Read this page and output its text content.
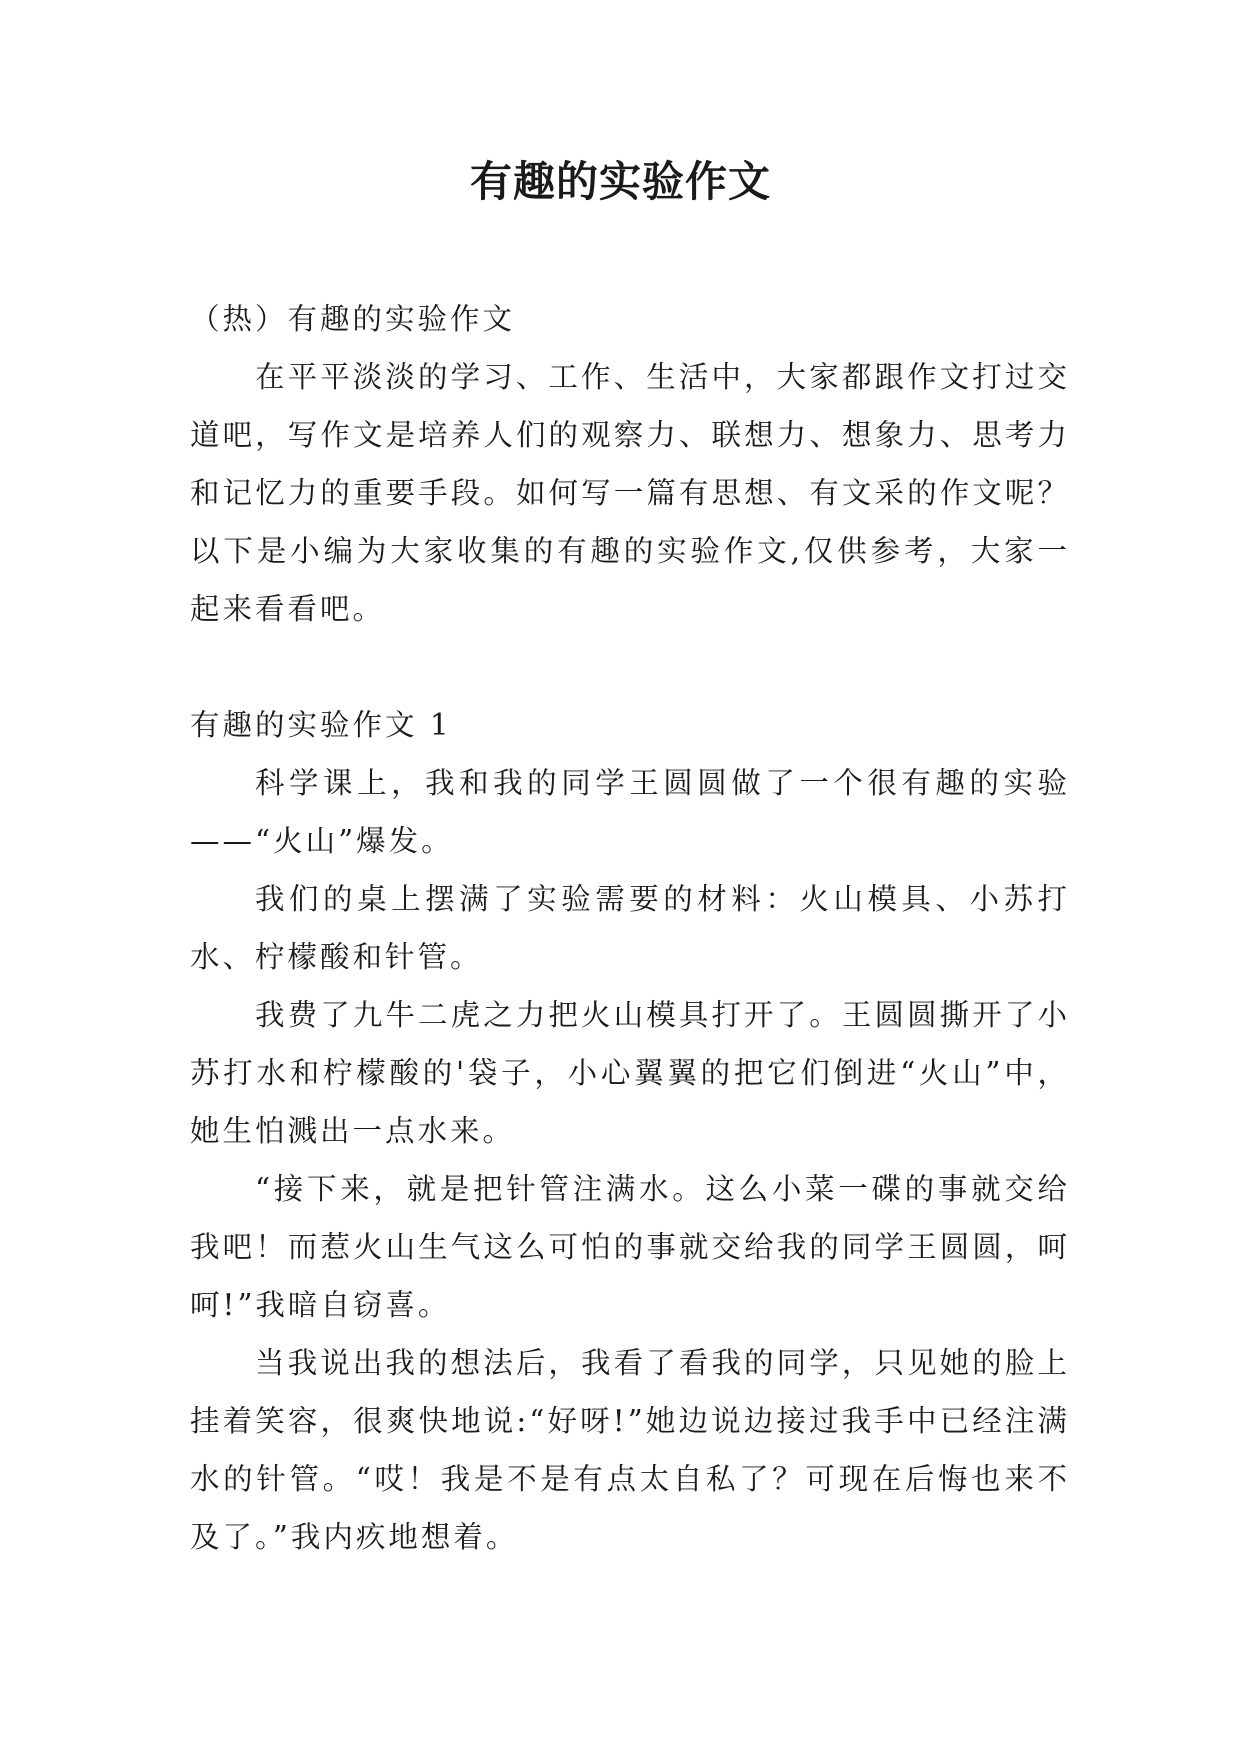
有趣的实验作文

（热）有趣的实验作文

在平平淡淡的学习、工作、生活中，大家都跟作文打过交道吧，写作文是培养人们的观察力、联想力、想象力、思考力和记忆力的重要手段。如何写一篇有思想、有文采的作文呢？以下是小编为大家收集的有趣的实验作文,仅供参考，大家一起来看看吧。

有趣的实验作文 1

科学课上，我和我的同学王圆圆做了一个很有趣的实验——“火山”爆发。

我们的桌上摆满了实验需要的材料：火山模具、小苏打水、柠檬酸和针管。

我费了九牛二虎之力把火山模具打开了。王圆圆撕开了小苏打水和柠檬酸的'袋子，小心翼翼的把它们倒进“火山”中，她生怕溅出一点水来。

“接下来，就是把针管注满水。这么小菜一碟的事就交给我吧！而惹火山生气这么可怕的事就交给我的同学王圆圆，呵呵!”我暗自窃喜。

当我说出我的想法后，我看了看我的同学，只见她的脸上挂着笑容，很爽快地说:“好呀!”她边说边接过我手中已经注满水的针管。“哎！我是不是有点太自私了？可现在后悔也来不及了。”我内疚地想着。
